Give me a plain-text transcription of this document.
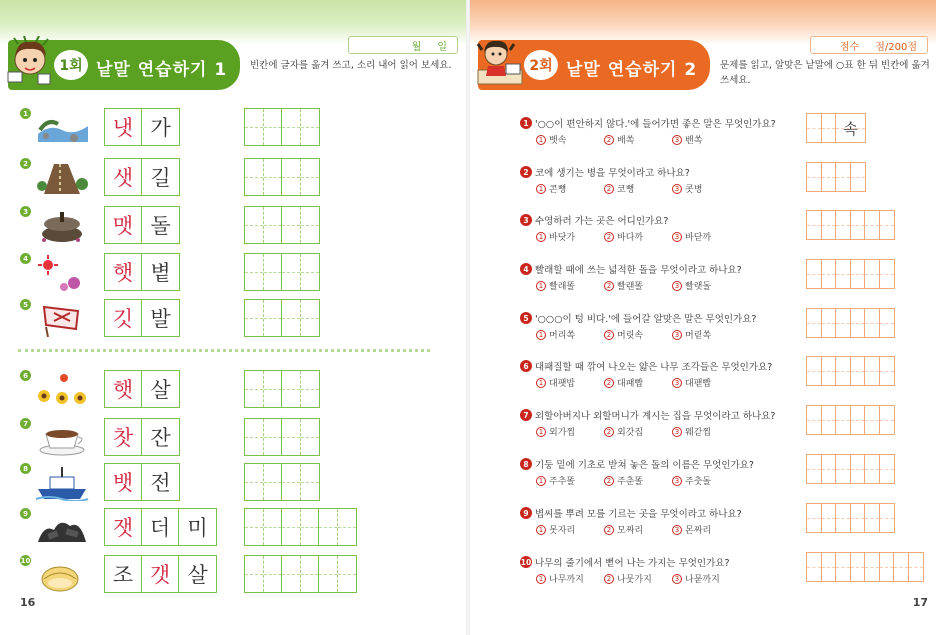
월 일
1회 낱말 연습하기 1 빈칸에 글자를 옮겨 쓰고, 소리 내어 읽어 보세요.
1
냇 가
2
샛 길
3
맷 돌
4
햇 볕
5
깃 발
6
햇 살
7
찻 잔
8
뱃 전
9
잿 더 미
10
조 갯 살
16
점수 점/200점
2회 낱말 연습하기 2 문제를 읽고, 알맞은 낱말에 ○표 한 뒤 빈칸에 옮겨 쓰세요.
17
1 '○○이 편안하지 않다.'에 들어가면 좋은 말은 무엇인가요?
1 뱃속	2 배쏙	3 밴쏙
속
2 코에 생기는 병을 무엇이라고 하나요?
1 콘뼝	2 코뼝	3 콧병
3 수영하러 가는 곳은 어디인가요?
1 바닷가	2 바다까	3 바닫까
4 빨래할 때에 쓰는 넓적한 돌을 무엇이라고 하나요?
1 빨래똘	2 빨랜똘	3 빨랫돌
5 '○○○이 텅 비다.'에 들어갈 알맞은 말은 무엇인가요?
1 머리쏙	2 머릿속	3 머릳쏙
6 대패질할 때 깎여 나오는 얇은 나무 조각들은 무엇인가요?
1 대팻밥	2 대패빱	3 대팯빱
7 외할아버지나 외할머니가 계시는 집을 무엇이라고 하나요?
1 외가찝	2 외갓집	3 웨갇찝
8 기둥 밑에 기초로 받쳐 놓은 돌의 이름은 무엇인가요?
1 주추똘	2 주춘똘	3 주춧돌
9 볍씨를 뿌려 모를 기르는 곳을 무엇이라고 하나요?
1 못자리	2 모짜리	3 몬짜리
10 나무의 줄기에서 뻗어 나는 가지는 무엇인가요?
1 나무까지	2 나뭇가지	3 나묻까지
